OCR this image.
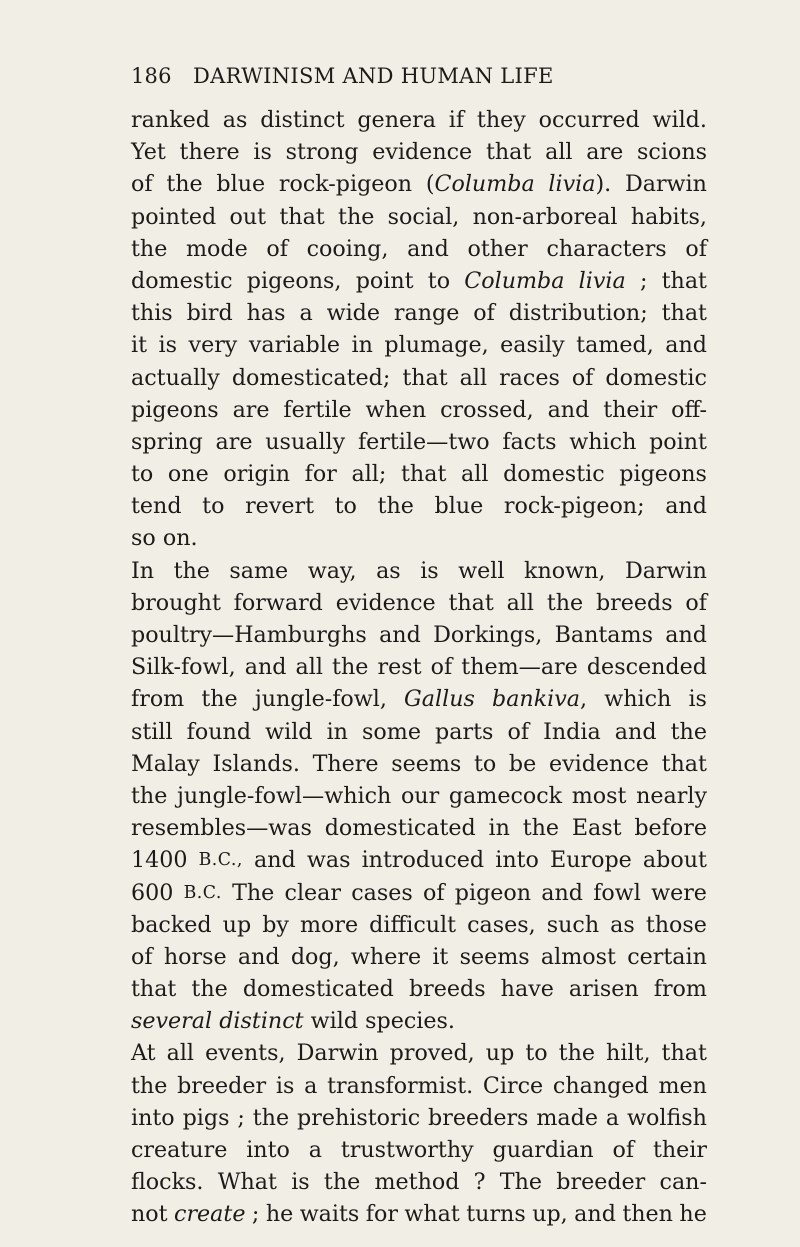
186 DARWINISM AND HUMAN LIFE
ranked as distinct genera if they occurred wild.
Yet there is strong evidence that all are scions
of the blue rock-pigeon (Columba livia). Darwin
pointed out that the social, non-arboreal habits,
the mode of cooing, and other characters of
domestic pigeons, point to Columba livia ; that
this bird has a wide range of distribution; that
it is very variable in plumage, easily tamed, and
actually domesticated; that all races of domestic
pigeons are fertile when crossed, and their off-
spring are usually fertile—two facts which point
to one origin for all; that all domestic pigeons
tend to revert to the blue rock-pigeon; and
so on.
In the same way, as is well known, Darwin
brought forward evidence that all the breeds of
poultry—Hamburghs and Dorkings, Bantams and
Silk-fowl, and all the rest of them—are descended
from the jungle-fowl, Gallus bankiva, which is
still found wild in some parts of India and the
Malay Islands. There seems to be evidence that
the jungle-fowl—which our gamecock most nearly
resembles—was domesticated in the East before
1400 B.C., and was introduced into Europe about
600 B.C. The clear cases of pigeon and fowl were
backed up by more difficult cases, such as those
of horse and dog, where it seems almost certain
that the domesticated breeds have arisen from
several distinct wild species.
At all events, Darwin proved, up to the hilt, that
the breeder is a transformist. Circe changed men
into pigs ; the prehistoric breeders made a wolfish
creature into a trustworthy guardian of their
flocks. What is the method ? The breeder can-
not create ; he waits for what turns up, and then he
